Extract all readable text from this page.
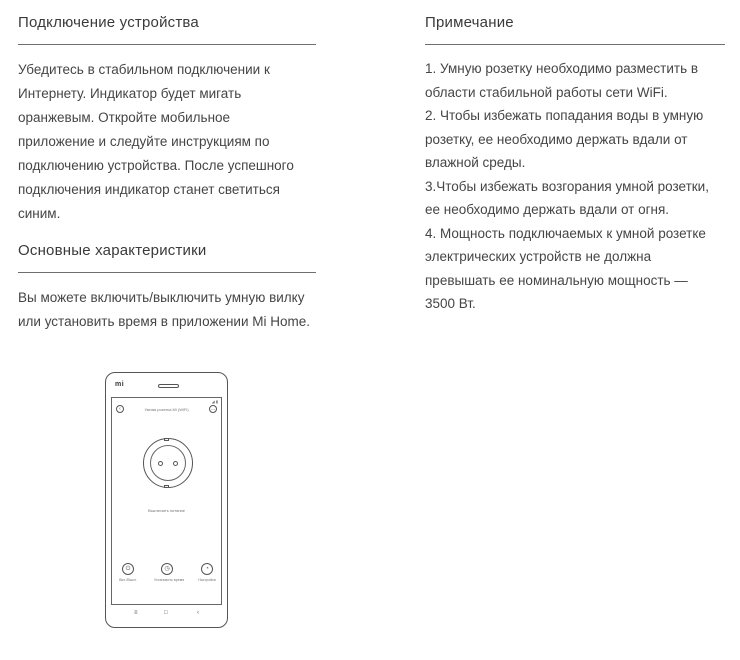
Подключение устройства

Убедитесь в стабильном подключении к

Интернету. Индикатор будет мигать

оранжевым. Откройте мобильное

приложение и следуйте инструкциям по

подключению устройства. После успешного

подключения индикатор станет светиться

синим.

Основные характеристики

Вы можете включить/выключить умную вилку

или установить время в приложении Mi Home.

Примечание

1. Умную розетку необходимо разместить в

области стабильной работы сети WiFi.

2. Чтобы избежать попадания воды в умную

розетку, ее необходимо держать вдали от

влажной среды.

3.Чтобы избежать возгорания умной розетки,

ее необходимо держать вдали от огня.

4. Мощность подключаемых к умной розетке

электрических устройств не должна

превышать ее номинальную мощность —

3500 Вт.

mi
◢ ▮
‹	Умная розетка Mi (WiFi)	…
Выключить питание
⏻
Вкл./Выкл.
◷
Установить время
◔
Настройки
≡	□	‹
